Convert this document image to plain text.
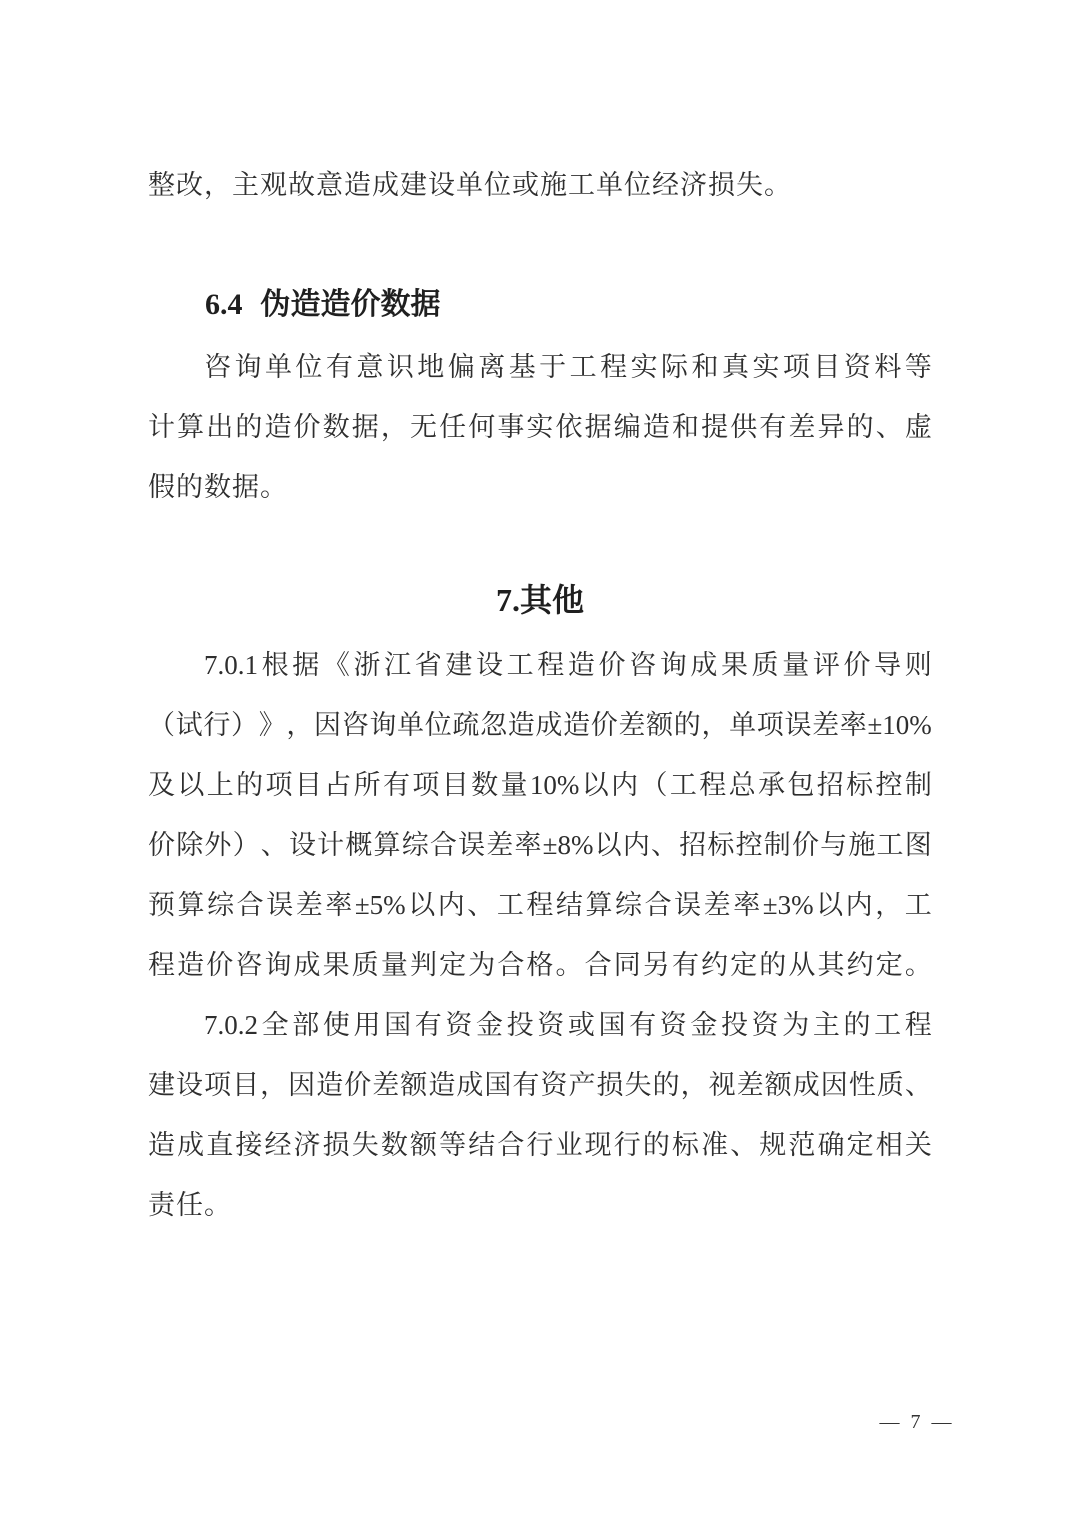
整改，主观故意造成建设单位或施工单位经济损失。
6.4 伪造造价数据
咨 询 单 位 有 意 识 地 偏 离 基 于 工 程 实 际 和 真 实 项 目 资 料 等
计 算 出 的 造 价 数 据 ， 无 任 何 事 实 依 据 编 造 和 提 供 有 差 异 的 、 虚
假的数据。
7.其他
7.0.1 根 据 《 浙 江 省 建 设 工 程 造 价 咨 询 成 果 质 量 评 价 导 则
（ 试 行 ） 》 ， 因 咨 询 单 位 疏 忽 造 成 造 价 差 额 的 ， 单 项 误 差 率 ±10%
及 以 上 的 项 目 占 所 有 项 目 数 量 10% 以 内 （ 工 程 总 承 包 招 标 控 制
价 除 外 ） 、 设 计 概 算 综 合 误 差 率 ±8% 以 内 、 招 标 控 制 价 与 施 工 图
预 算 综 合 误 差 率 ±5% 以 内 、 工 程 结 算 综 合 误 差 率 ±3% 以 内 ， 工
程 造 价 咨 询 成 果 质 量 判 定 为 合 格 。 合 同 另 有 约 定 的 从 其 约 定 。
7.0.2 全 部 使 用 国 有 资 金 投 资 或 国 有 资 金 投 资 为 主 的 工 程
建 设 项 目 ， 因 造 价 差 额 造 成 国 有 资 产 损 失 的 ， 视 差 额 成 因 性 质 、
造 成 直 接 经 济 损 失 数 额 等 结 合 行 业 现 行 的 标 准 、 规 范 确 定 相 关
责任。
— 7 —
